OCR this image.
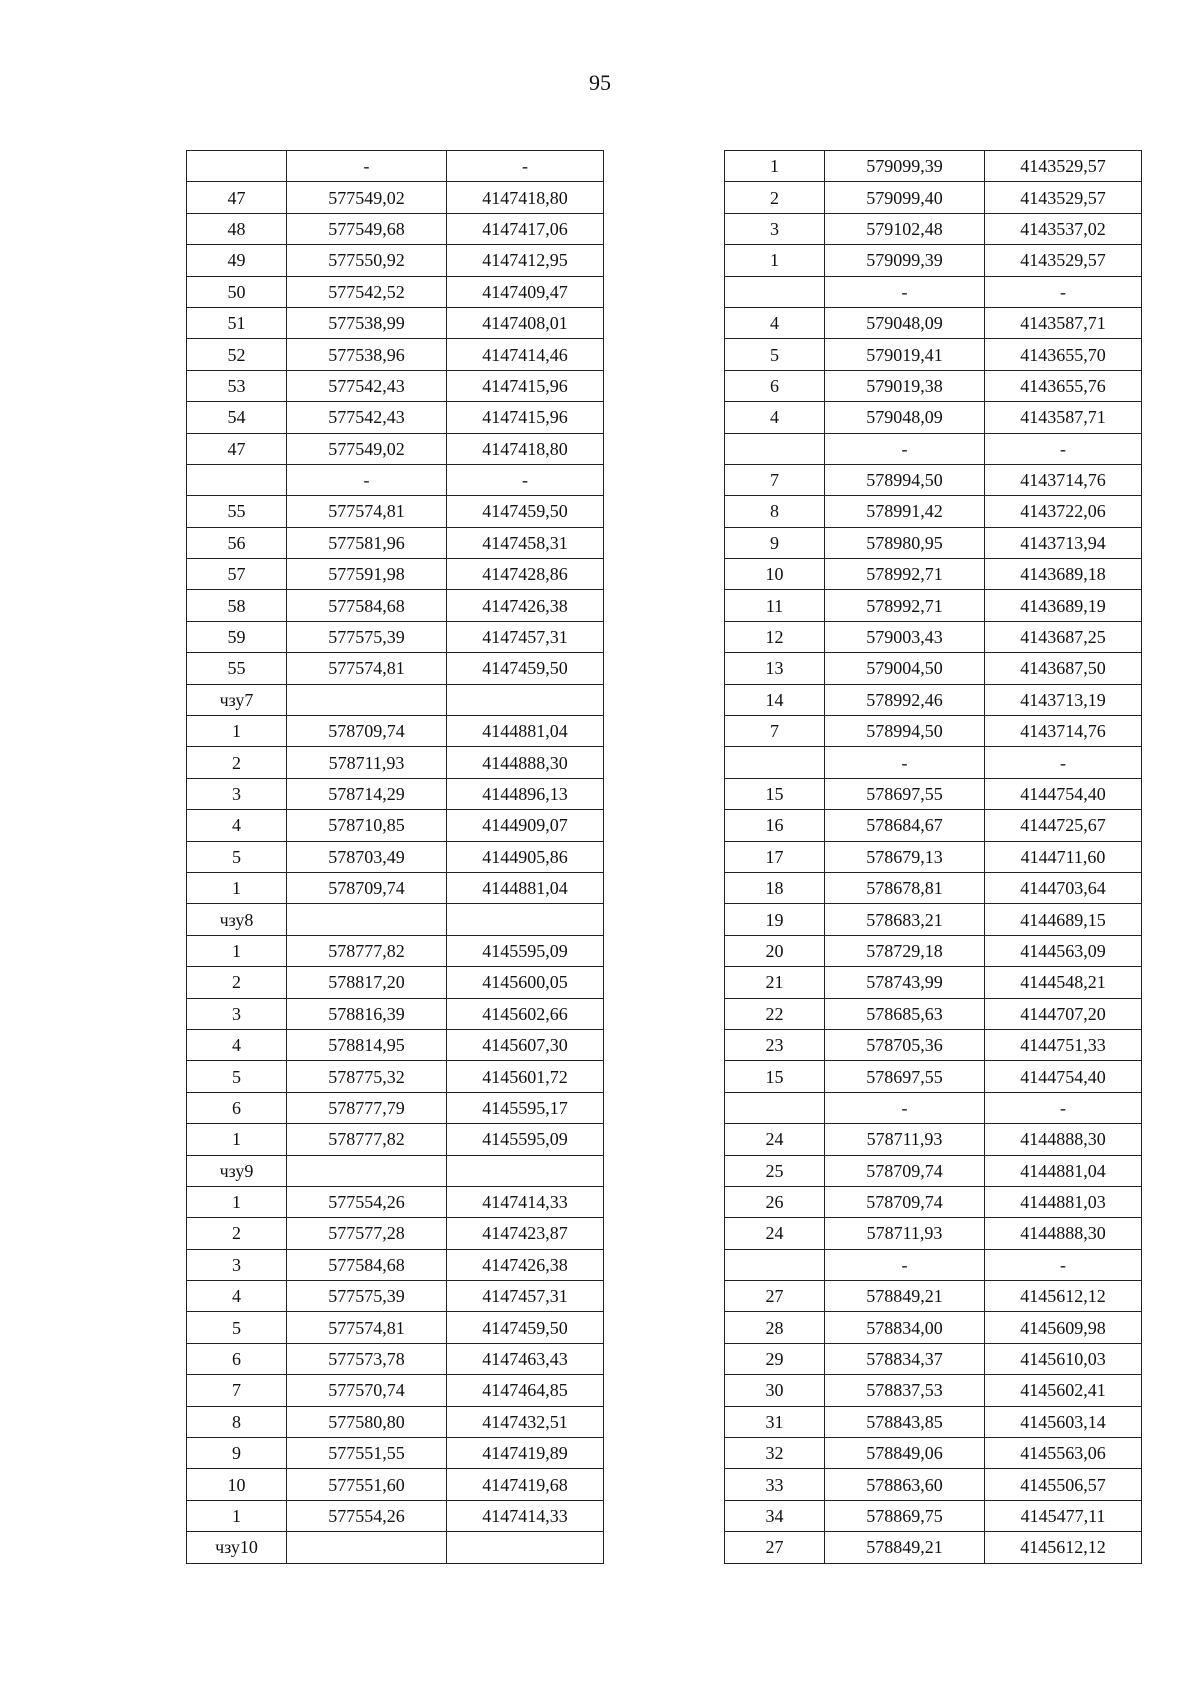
95
	-	-
47	577549,02	4147418,80
48	577549,68	4147417,06
49	577550,92	4147412,95
50	577542,52	4147409,47
51	577538,99	4147408,01
52	577538,96	4147414,46
53	577542,43	4147415,96
54	577542,43	4147415,96
47	577549,02	4147418,80
	-	-
55	577574,81	4147459,50
56	577581,96	4147458,31
57	577591,98	4147428,86
58	577584,68	4147426,38
59	577575,39	4147457,31
55	577574,81	4147459,50
чзу7		
1	578709,74	4144881,04
2	578711,93	4144888,30
3	578714,29	4144896,13
4	578710,85	4144909,07
5	578703,49	4144905,86
1	578709,74	4144881,04
чзу8		
1	578777,82	4145595,09
2	578817,20	4145600,05
3	578816,39	4145602,66
4	578814,95	4145607,30
5	578775,32	4145601,72
6	578777,79	4145595,17
1	578777,82	4145595,09
чзу9		
1	577554,26	4147414,33
2	577577,28	4147423,87
3	577584,68	4147426,38
4	577575,39	4147457,31
5	577574,81	4147459,50
6	577573,78	4147463,43
7	577570,74	4147464,85
8	577580,80	4147432,51
9	577551,55	4147419,89
10	577551,60	4147419,68
1	577554,26	4147414,33
чзу10		
1	579099,39	4143529,57
2	579099,40	4143529,57
3	579102,48	4143537,02
1	579099,39	4143529,57
	-	-
4	579048,09	4143587,71
5	579019,41	4143655,70
6	579019,38	4143655,76
4	579048,09	4143587,71
	-	-
7	578994,50	4143714,76
8	578991,42	4143722,06
9	578980,95	4143713,94
10	578992,71	4143689,18
11	578992,71	4143689,19
12	579003,43	4143687,25
13	579004,50	4143687,50
14	578992,46	4143713,19
7	578994,50	4143714,76
	-	-
15	578697,55	4144754,40
16	578684,67	4144725,67
17	578679,13	4144711,60
18	578678,81	4144703,64
19	578683,21	4144689,15
20	578729,18	4144563,09
21	578743,99	4144548,21
22	578685,63	4144707,20
23	578705,36	4144751,33
15	578697,55	4144754,40
	-	-
24	578711,93	4144888,30
25	578709,74	4144881,04
26	578709,74	4144881,03
24	578711,93	4144888,30
	-	-
27	578849,21	4145612,12
28	578834,00	4145609,98
29	578834,37	4145610,03
30	578837,53	4145602,41
31	578843,85	4145603,14
32	578849,06	4145563,06
33	578863,60	4145506,57
34	578869,75	4145477,11
27	578849,21	4145612,12
